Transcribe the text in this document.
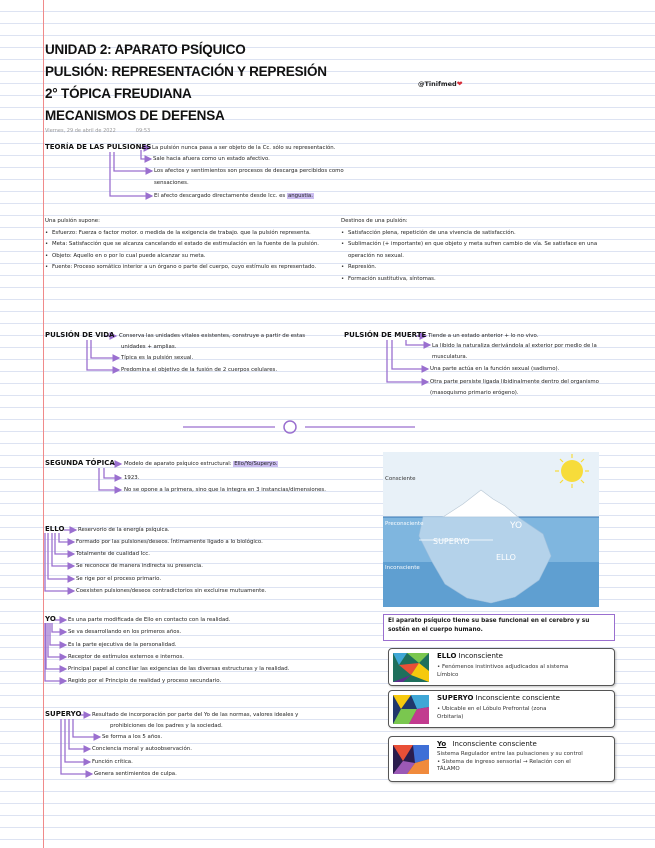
UNIDAD 2: APARATO PSÍQUICO
PULSIÓN: REPRESENTACIÓN Y REPRESIÓN
2° TÓPICA FREUDIANA
MECANISMOS DE DEFENSA
@Tinifmed❤
Viernes, 29 de abril de 2022	09:53
TEORÍA DE LAS PULSIONES La pulsión nunca pasa a ser objeto de la Cc. sólo su representación.
Sale hacia afuera como un estado afectivo.
Los afectos y sentimientos son procesos de descarga percibidos como
sensaciones.
El afecto descargado directamente desde Icc. es angustia.
Una pulsión supone:
• Esfuerzo: Fuerza o factor motor. o medida de la exigencia de trabajo. que la pulsión representa.
• Meta: Satisfacción que se alcanza cancelando el estado de estimulación en la fuente de la pulsión.
• Objeto: Aquello en o por lo cual puede alcanzar su meta.
• Fuente: Proceso somático interior a un órgano o parte del cuerpo, cuyo estímulo es representado.
Destinos de una pulsión:
• Satisfacción plena, repetición de una vivencia de satisfacción.
• Sublimación (+ importante) en que objeto y meta sufren cambio de vía. Se satisface en una operación no sexual.
• Represión.
• Formación sustitutiva, síntomas.
PULSIÓN DE VIDA Conserva las unidades vitales existentes, construye a partir de estas
unidades + amplias.
Típica es la pulsión sexual.
Predomina el objetivo de la fusión de 2 cuerpos celulares.
PULSIÓN DE MUERTE Tiende a un estado anterior + lo no vivo.
La libido la naturaliza derivándola al exterior por medio de la
musculatura.
Una parte actúa en la función sexual (sadismo).
Otra parte persiste ligada libidinalmente dentro del organismo
(masoquismo primario erógeno).
SEGUNDA TÓPICA Modelo de aparato psíquico estructural: Ello/Yo/Superyo.
1923.
No se opone a la primera, sino que la integra en 3 instancias/dimensiones.
Consciente
Preconsciente
Inconsciente
YO
SUPERYO
ELLO
ELLO	Reservorio de la energía psíquica.
Formado por las pulsiones/deseos. Íntimamente ligado a lo biológico.
Totalmente de cualidad Icc.
Se reconoce de manera indirecta su presencia.
Se rige por el proceso primario.
Coexisten pulsiones/deseos contradictorios sin excluirse mutuamente.
YO Es una parte modificada de Ello en contacto con la realidad.
Se va desarrollando en los primeros años.
Es la parte ejecutiva de la personalidad.
Receptor de estímulos externos e internos.
Principal papel al conciliar las exigencias de las diversas estructuras y la realidad.
Regido por el Principio de realidad y proceso secundario.
SUPERYO Resultado de incorporación por parte del Yo de las normas, valores ideales y
prohibiciones de los padres y la sociedad.
Se forma a los 5 años.
Conciencia moral y autoobservación.
Función crítica.
Genera sentimientos de culpa.
El aparato psíquico tiene su base funcional en el cerebro y su sostén en el cuerpo humano.
ELLO Inconsciente
• Fenómenos instintivos adjudicados al sistema
Límbico
SUPERYO Inconsciente consciente
• Ubicable en el Lóbulo Prefrontal (zona
Orbitaria)
Yo Inconsciente consciente
Sistema Regulador entre las pulsaciones y su control
• Sistema de ingreso sensorial → Relación con el
TÁLAMO
